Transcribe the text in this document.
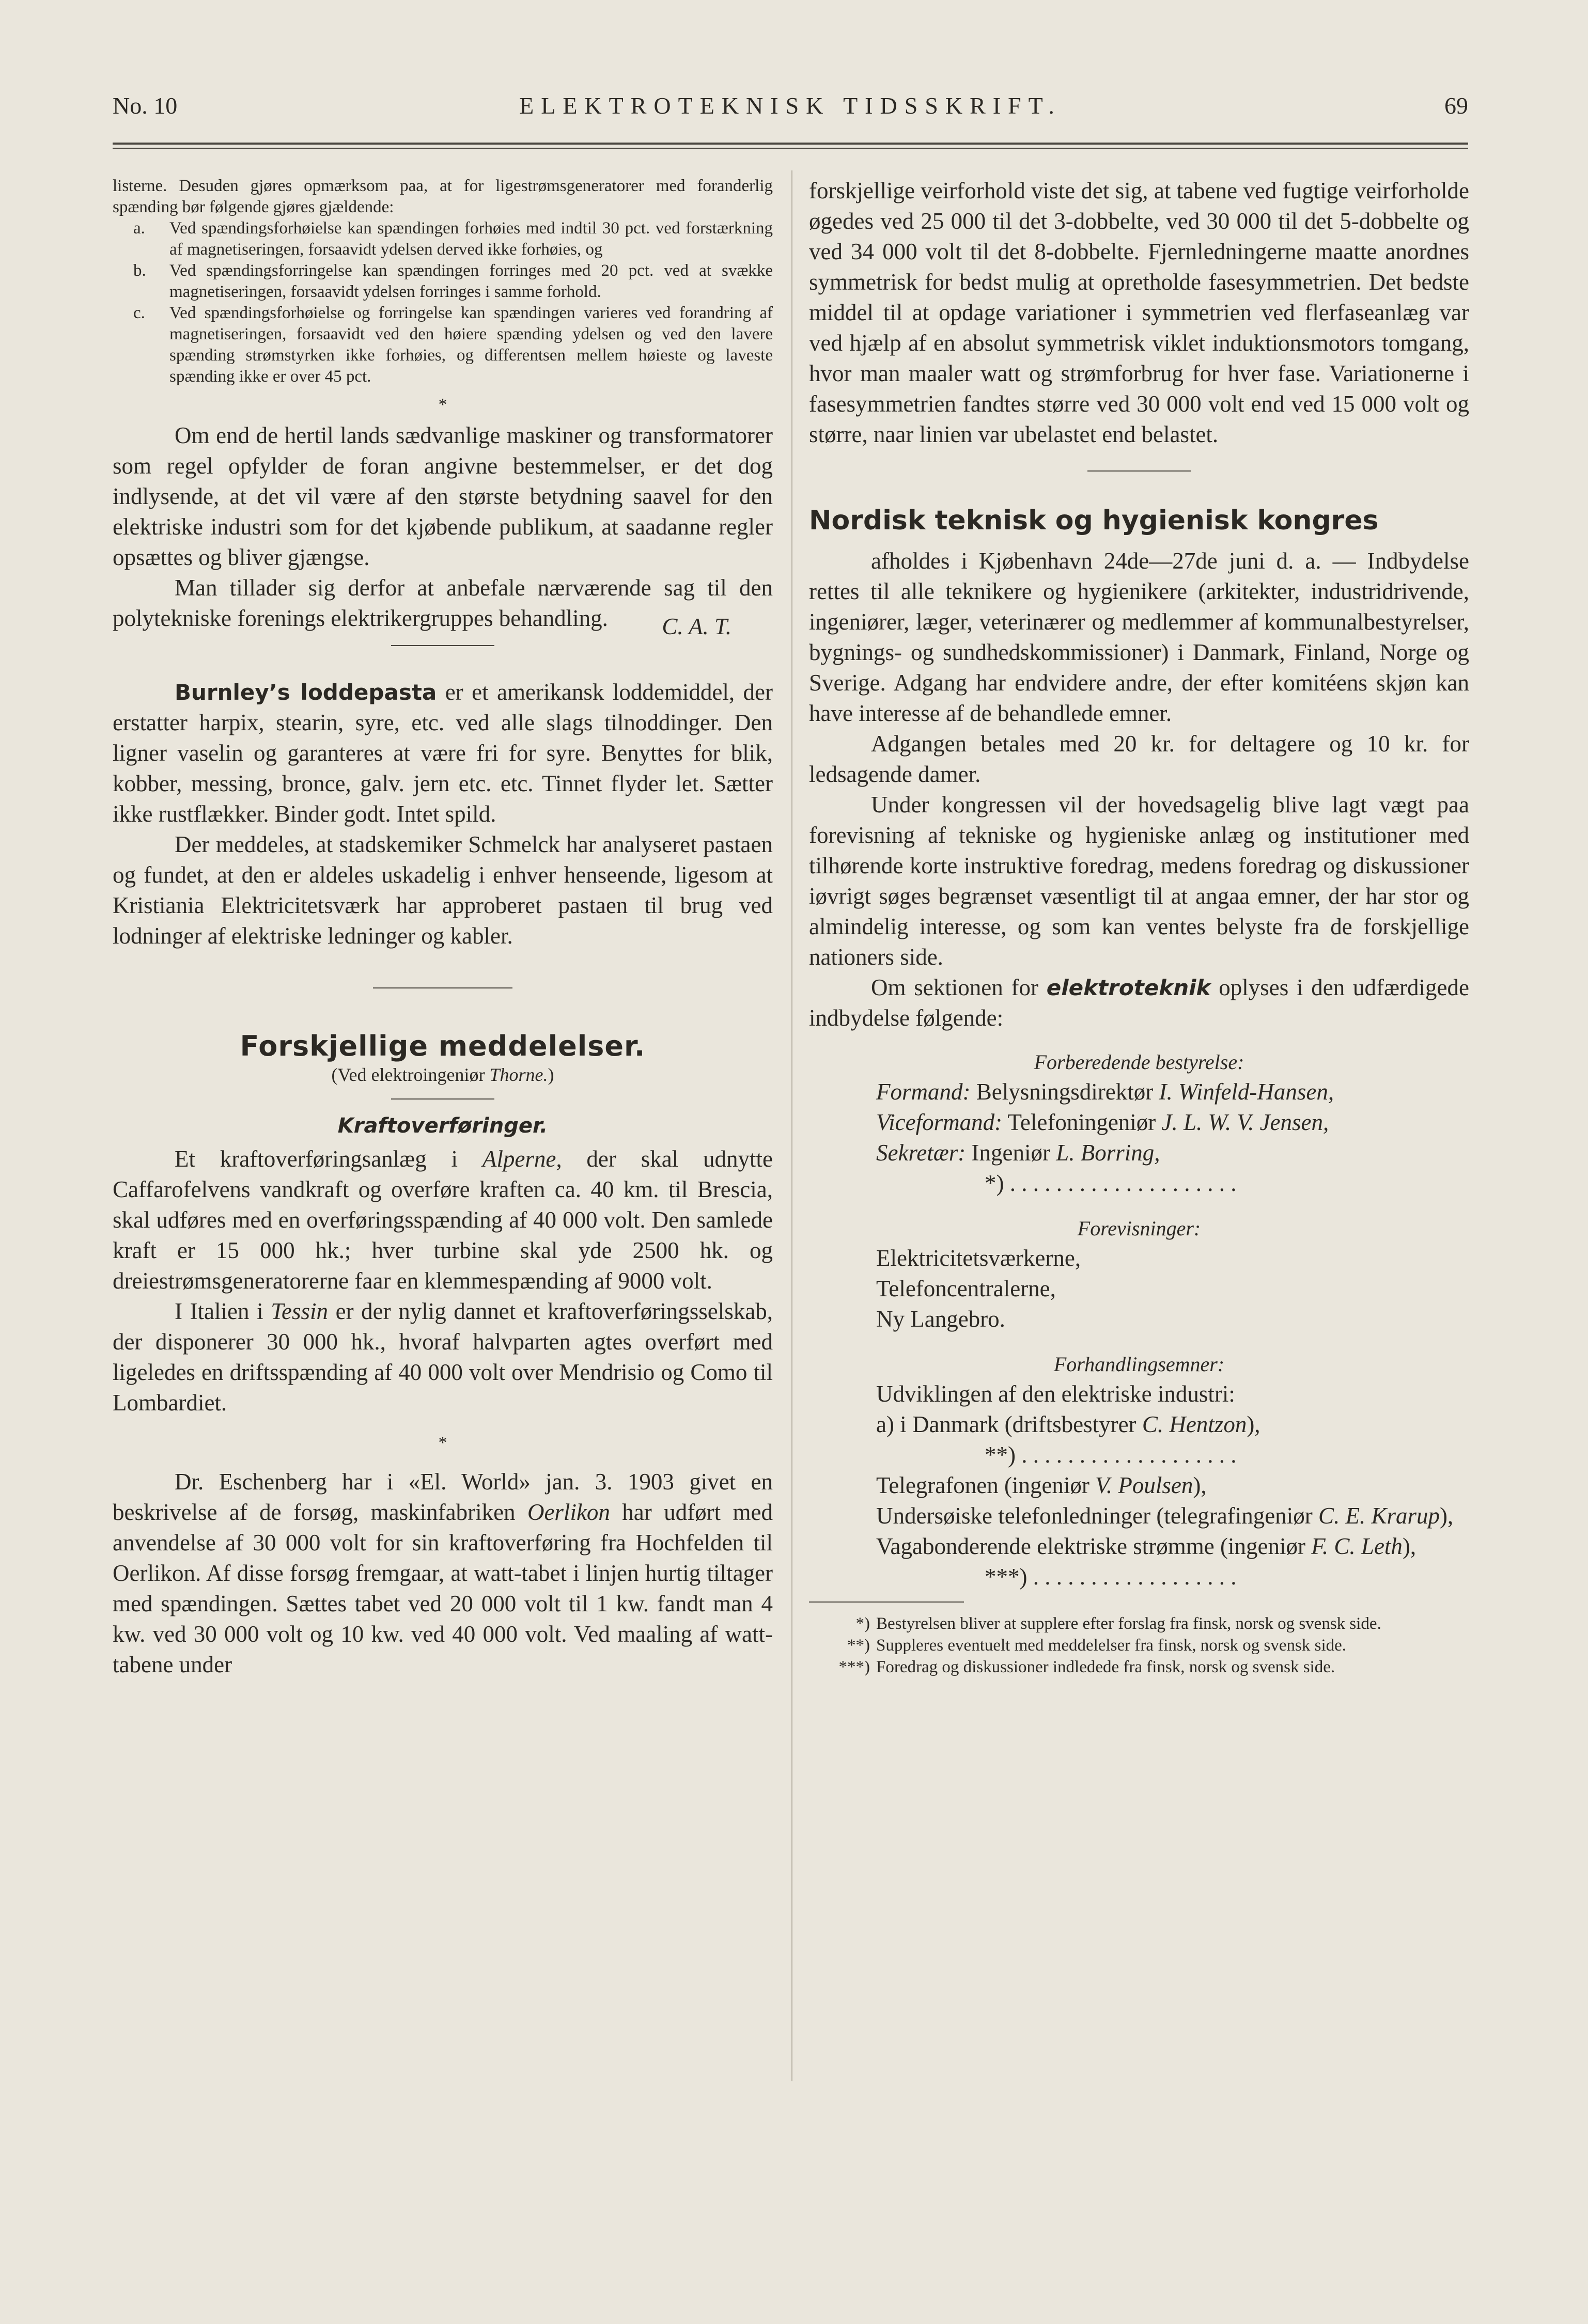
No. 10	ELEKTROTEKNISK TIDSSKRIFT.	69

listerne. Desuden gjøres opmærksom paa, at for ligestrømsgeneratorer med foranderlig spænding bør følgende gjøres gjældende:

a. Ved spændingsforhøielse kan spændingen forhøies med indtil 30 pct. ved forstærkning af magnetiseringen, forsaavidt ydelsen derved ikke forhøies, og
b. Ved spændingsforringelse kan spændingen forringes med 20 pct. ved at svække magnetiseringen, forsaavidt ydelsen forringes i samme forhold.
c. Ved spændingsforhøielse og forringelse kan spændingen varieres ved forandring af magnetiseringen, forsaavidt ved den høiere spænding ydelsen og ved den lavere spænding strømstyrken ikke forhøies, og differentsen mellem høieste og laveste spænding ikke er over 45 pct.
*

Om end de hertil lands sædvanlige maskiner og transformatorer som regel opfylder de foran angivne bestemmelser, er det dog indlysende, at det vil være af den største betydning saavel for den elektriske industri som for det kjøbende publikum, at saadanne regler opsættes og bliver gjængse.

Man tillader sig derfor at anbefale nærværende sag til den polytekniske forenings elektrikergruppes behandling.	C. A. T.

Burnley’s loddepasta er et amerikansk loddemiddel, der erstatter harpix, stearin, syre, etc. ved alle slags tilnoddinger. Den ligner vaselin og garanteres at være fri for syre. Benyttes for blik, kobber, messing, bronce, galv. jern etc. etc. Tinnet flyder let. Sætter ikke rustflække​r. Binder godt. Intet spild.

Der meddeles, at stadskemiker Schmelck har analyseret pastaen og fundet, at den er aldeles uskadelig i enhver henseende, ligesom at Kristiania Elektricitetsværk har approberet pastaen til brug ved lodninger af elektriske ledninger og kabler.

Forskjellige meddelelser.
(Ved elektroingeniør Thorne.)
Kraftoverføringer.

Et kraftoverføringsanlæg i Alperne, der skal udnytte Caffarofelvens vandkraft og overføre kraften ca. 40 km. til Brescia, skal udføres med en overføringsspænding af 40 000 volt. Den samlede kraft er 15 000 hk.; hver turbine skal yde 2500 hk. og dreiestrømsgeneratorerne faar en klemmespænding af 9000 volt.

I Italien i Tessin er der nylig dannet et kraftoverføringsselskab, der disponerer 30 000 hk., hvoraf halvparten agtes overført med ligeledes en driftsspænding af 40 000 volt over Mendrisio og Como til Lombardiet.

*

Dr. Eschenberg har i «El. World» jan. 3. 1903 givet en beskrivelse af de forsøg, maskinfabriken Oerlikon har udført med anvendelse af 30 000 volt for sin kraftoverføring fra Hochfelden til Oerlikon. Af disse forsøg fremgaar, at watt-tabet i linjen hurtig tiltager med spændingen. Sættes tabet ved 20 000 volt til 1 kw. fandt man 4 kw. ved 30 000 volt og 10 kw. ved 40 000 volt. Ved maaling af watt-tabene under

forskjellige veirforhold viste det sig, at tabene ved fugtige veirforholde øgedes ved 25 000 til det 3-dobbelte, ved 30 000 til det 5-dobbelte og ved 34 000 volt til det 8-dobbelte. Fjernledningerne maatte anordnes symmetrisk for bedst mulig at opretholde fasesymmetrien. Det bedste middel til at opdage variationer i symmetrien ved flerfaseanlæg var ved hjælp af en absolut symmetrisk viklet induktionsmotors tomgang, hvor man maaler watt og strømforbrug for hver fase. Variationerne i fasesymmetrien fandtes større ved 30 000 volt end ved 15 000 volt og større, naar linien var ubelastet end belastet.

Nordisk teknisk og hygienisk kongres

afholdes i Kjøbenhavn 24de—27de juni d. a. — Indbydelse rettes til alle teknikere og hygienikere (arkitekter, industridrivende, ingeniører, læger, veterinærer og medlemmer af kommunalbestyrelser, bygnings- og sundhedskommissioner) i Danmark, Finland, Norge og Sverige. Adgang har endvidere andre, der efter komitéens skjøn kan have interesse af de behandlede emner.

Adgangen betales med 20 kr. for deltagere og 10 kr. for ledsagende damer.

Under kongressen vil der hovedsagelig blive lagt vægt paa forevisning af tekniske og hygieniske anlæg og institutioner med tilhørende korte instruktive foredrag, medens foredrag og diskussioner iøvrigt søges begrænset væsentligt til at angaa emner, der har stor og almindelig interesse, og som kan ventes belyste fra de forskjellige nationers side.

Om sektionen for elektroteknik oplyses i den udfærdigede indbydelse følgende:

Forberedende bestyrelse:
Formand: Belysningsdirektør I. Winfeld-Hansen,
Viceformand: Telefoningeniør J. L. W. V. Jensen,
Sekretær: Ingeniør L. Borring,
*) . . . . . . . . . . . . . . . . . . . .
Forevisninger:
Elektricitetsværkerne,
Telefoncentralerne,
Ny Langebro.
Forhandlingsemner:
Udviklingen af den elektriske industri:
a) i Danmark (driftsbestyrer C. Hentzon),
**) . . . . . . . . . . . . . . . . . . .
Telegrafonen (ingeniør V. Poulsen),
Undersøiske telefonledninger (telegrafingeniør C. E. Krarup),
Vagabonderende elektriske strømme (ingeniør F. C. Leth),
***) . . . . . . . . . . . . . . . . . .
*) Bestyrelsen bliver at supplere efter forslag fra finsk, norsk og svensk side.
**) Suppleres eventuelt med meddelelser fra finsk, norsk og svensk side.
***) Foredrag og diskussioner indledede fra finsk, norsk og svensk side.
